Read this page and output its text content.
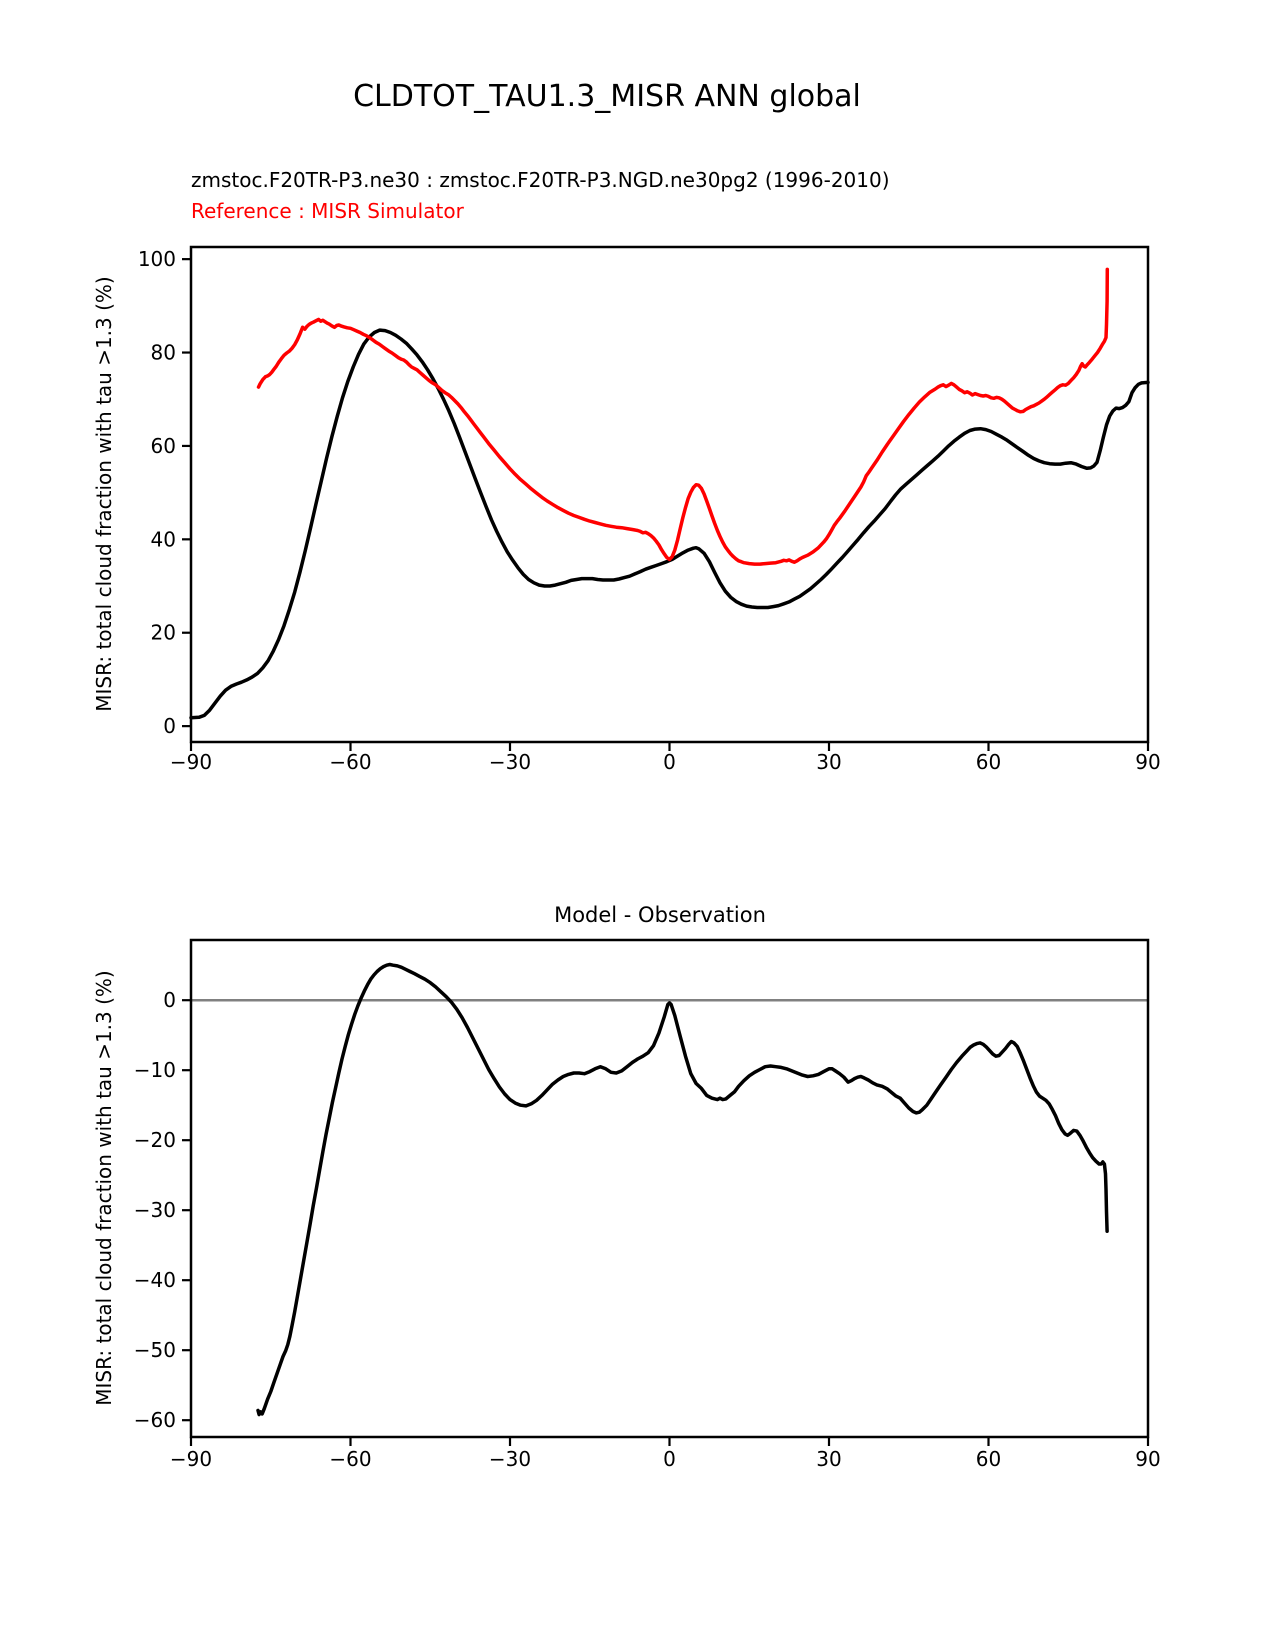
CLDTOT_TAU1.3_MISR ANN global
zmstoc.F20TR-P3.ne30 : zmstoc.F20TR-P3.NGD.ne30pg2 (1996-2010)
Reference : MISR Simulator
MISR: total cloud fraction with tau >1.3 (%)
MISR: total cloud fraction with tau >1.3 (%)
Model - Observation
−90	−60	−30	0	30	60	90
0
20
40
60
80
100
−90	−60	−30	0	30	60	90
0
−10
−20
−30
−40
−50
−60
